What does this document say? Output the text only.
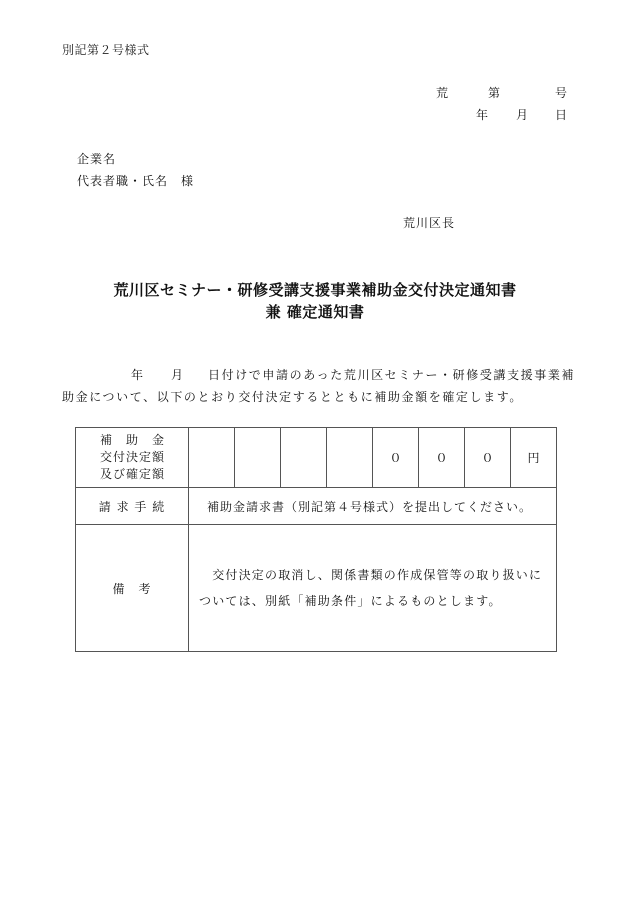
別記第２号様式
荒	第	号
年 月 日
企業名
代表者職・氏名　様
荒川区長
荒川区セミナー・研修受講支援事業補助金交付決定通知書
兼 確定通知書
年 月 日付けで申請のあった荒川区セミナー・研修受講支援事業補
助金について、以下のとおり交付決定するとともに補助金額を確定します。
補　助　金
交付決定額
及び確定額					０	０	０	円
請 求 手 続	補助金請求書（別記第４号様式）を提出してください。							
備　考	　交付決定の取消し、関係書類の作成保管等の取り扱いに
ついては、別紙「補助条件」によるものとします。							
